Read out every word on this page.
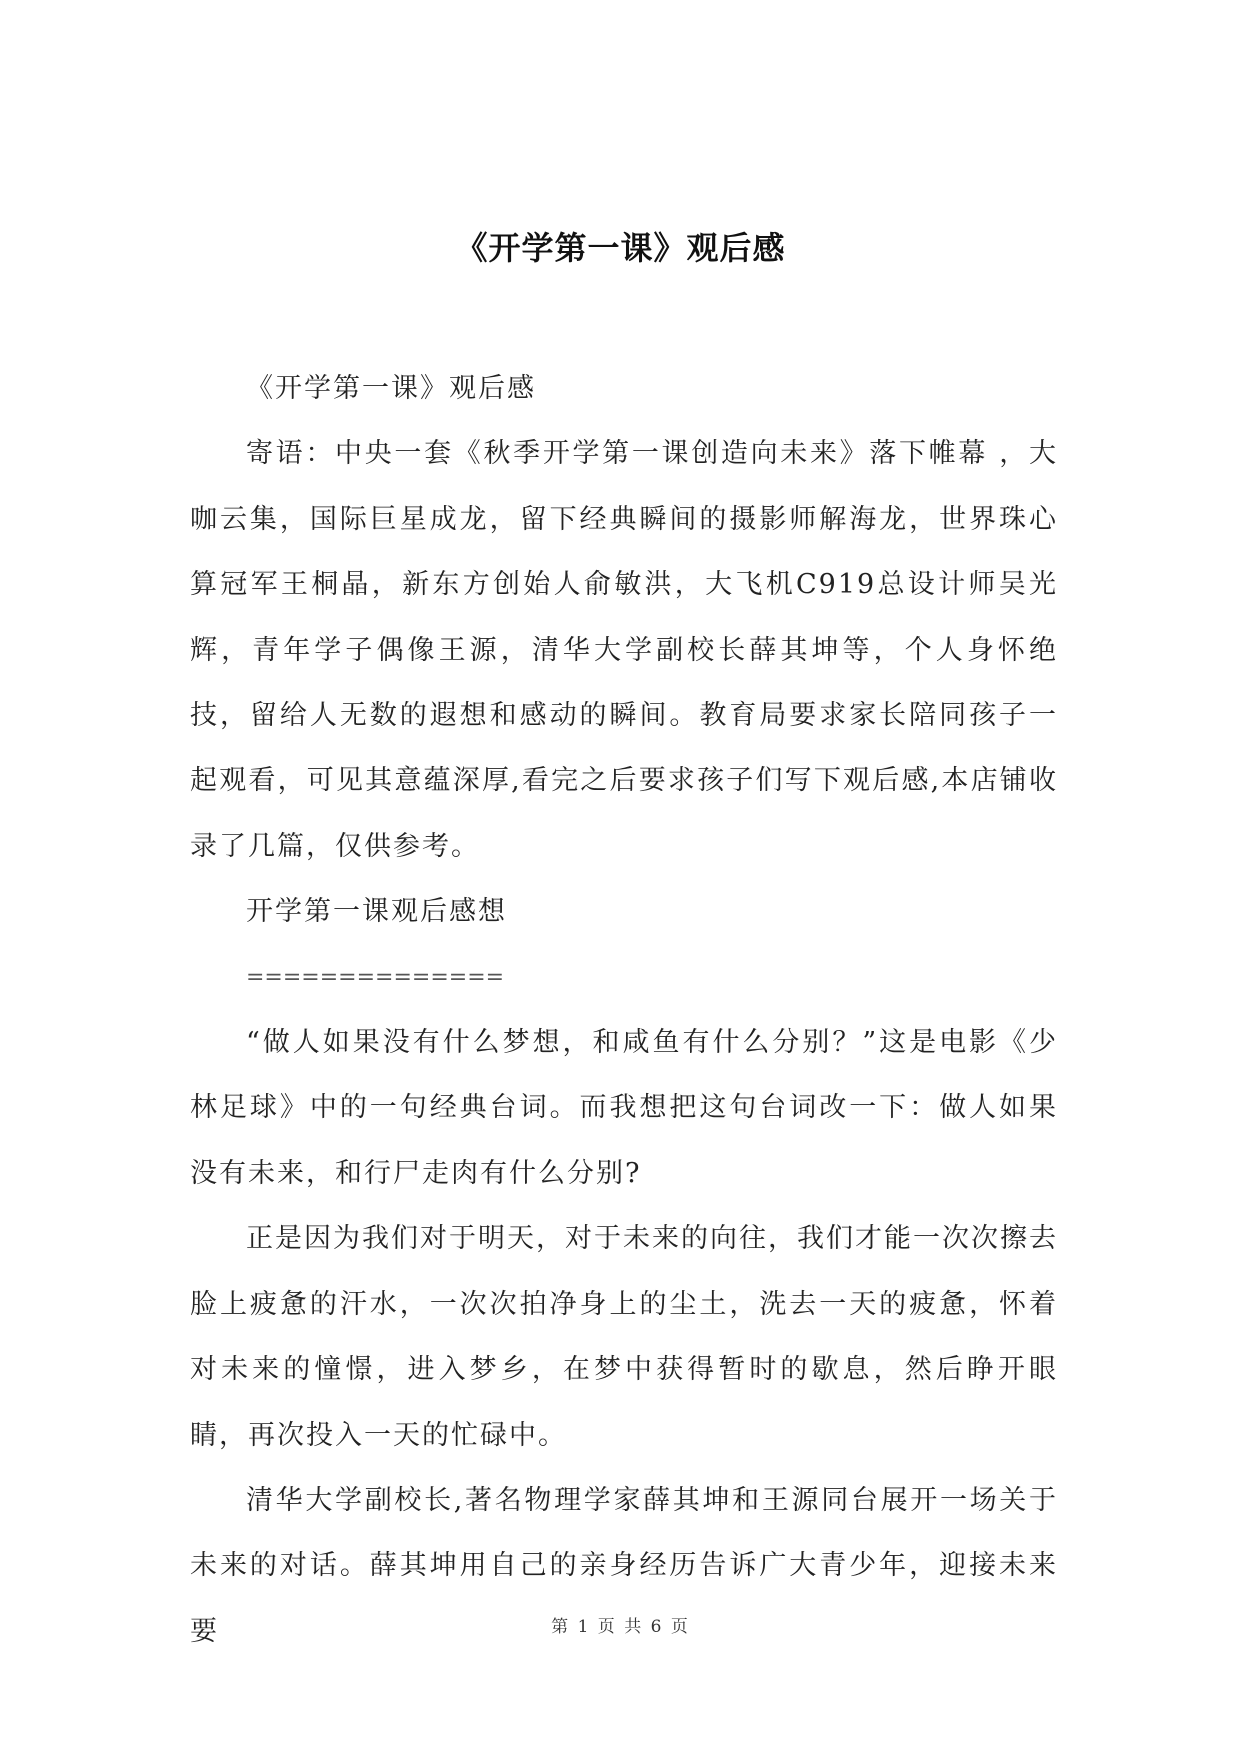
《开学第一课》观后感

《开学第一课》观后感

寄语：中央一套《秋季开学第一课创造向未来》落下帷幕 ，大咖云集，国际巨星成龙，留下经典瞬间的摄影师解海龙，世界珠心算冠军王桐晶，新东方创始人俞敏洪，大飞机C919总设计师吴光辉，青年学子偶像王源，清华大学副校长薛其坤等，个人身怀绝技，留给人无数的遐想和感动的瞬间。教育局要求家长陪同孩子一起观看，可见其意蕴深厚,看完之后要求孩子们写下观后感,本店铺收录了几篇，仅供参考。

开学第一课观后感想

==============

“做人如果没有什么梦想，和咸鱼有什么分别？”这是电影《少林足球》中的一句经典台词。而我想把这句台词改一下：做人如果没有未来，和行尸走肉有什么分别?

正是因为我们对于明天，对于未来的向往，我们才能一次次擦去脸上疲惫的汗水，一次次拍净身上的尘土，洗去一天的疲惫，怀着对未来的憧憬，进入梦乡，在梦中获得暂时的歇息，然后睁开眼睛，再次投入一天的忙碌中。

清华大学副校长,著名物理学家薛其坤和王源同台展开一场关于未来的对话。薛其坤用自己的亲身经历告诉广大青少年，迎接未来要	第 1 页 共 6 页
